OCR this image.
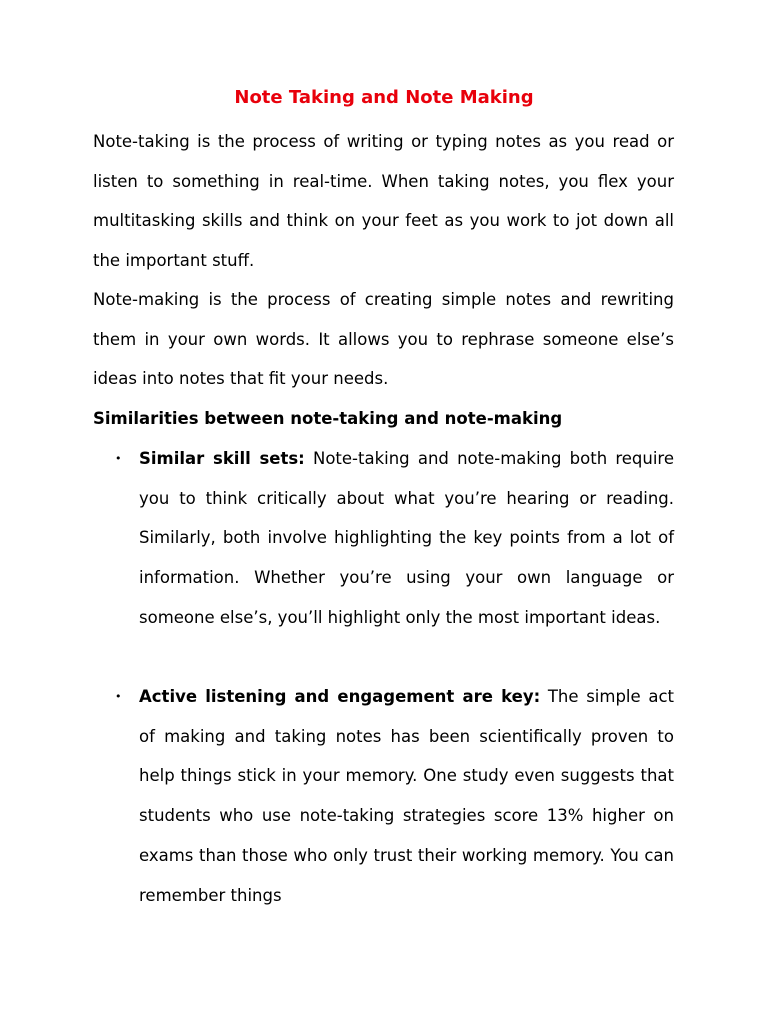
Note Taking and Note Making

Note-taking is the process of writing or typing notes as you read or listen to something in real-time. When taking notes, you flex your multitasking skills and think on your feet as you work to jot down all the important stuff.

Note-making is the process of creating simple notes and rewriting them in your own words. It allows you to rephrase someone else’s ideas into notes that fit your needs.

Similarities between note-taking and note-making

• Similar skill sets: Note-taking and note-making both require you to think critically about what you’re hearing or reading. Similarly, both involve highlighting the key points from a lot of information. Whether you’re using your own language or someone else’s, you’ll highlight only the most important ideas.
• Active listening and engagement are key: The simple act of making and taking notes has been scientifically proven to help things stick in your memory. One study even suggests that students who use note-taking strategies score 13% higher on exams than those who only trust their working memory. You can remember things
